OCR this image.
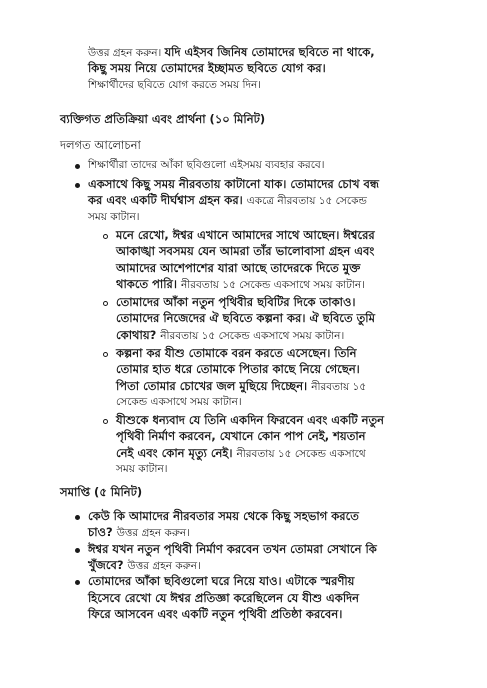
উত্তর গ্রহন করুন। যদি এইসব জিনিষ তোমাদের ছবিতে না থাকে,
কিছু সময় নিয়ে তোমাদের ইচ্ছামত ছবিতে যোগ কর।
শিক্ষার্থীদের ছবিতে যোগ করতে সময় দিন।
ব্যক্তিগত প্রতিক্রিয়া এবং প্রার্থনা (১০ মিনিট)
দলগত আলোচনা
শিক্ষার্থীরা তাদের আঁকা ছবিগুলো এইসময় ব্যবহার করবে।
একসাথে কিছু সময় নীরবতায় কাটানো যাক। তোমাদের চোখ বন্ধ
কর এবং একটি দীর্ঘশ্বাস গ্রহন কর। একত্রে নীরবতায় ১৫ সেকেন্ড
সময় কাটান।
মনে রেখো, ঈশ্বর এখানে আমাদের সাথে আছেন। ঈশ্বরের
আকাঙ্খা সবসময় যেন আমরা তাঁর ভালোবাসা গ্রহন এবং
আমাদের আশেপাশের যারা আছে তাদেরকে দিতে মুক্ত
থাকতে পারি। নীরবতায় ১৫ সেকেন্ড একসাথে সময় কাটান।
তোমাদের আঁকা নতুন পৃথিবীর ছবিটির দিকে তাকাও।
তোমাদের নিজেদের ঐ ছবিতে কল্পনা কর। ঐ ছবিতে তুমি
কোথায়? নীরবতায় ১৫ সেকেন্ড একসাথে সময় কাটান।
কল্পনা কর যীশু তোমাকে বরন করতে এসেছেন। তিনি
তোমার হাত ধরে তোমাকে পিতার কাছে নিয়ে গেছেন।
পিতা তোমার চোখের জল মুছিয়ে দিচ্ছেন। নীরবতায় ১৫
সেকেন্ড একসাথে সময় কাটান।
যীশুকে ধন্যবাদ যে তিনি একদিন ফিরবেন এবং একটি নতুন
পৃথিবী নির্মাণ করবেন, যেখানে কোন পাপ নেই, শয়তান
নেই এবং কোন মৃত্যু নেই। নীরবতায় ১৫ সেকেন্ড একসাথে
সময় কাটান।
সমাপ্তি (৫ মিনিট)
কেউ কি আমাদের নীরবতার সময় থেকে কিছু সহভাগ করতে
চাও? উত্তর গ্রহন করুন।
ঈশ্বর যখন নতুন পৃথিবী নির্মাণ করবেন তখন তোমরা সেখানে কি
খুঁজবে? উত্তর গ্রহন করুন।
তোমাদের আঁকা ছবিগুলো ঘরে নিয়ে যাও। এটাকে স্মরণীয়
হিসেবে রেখো যে ঈশ্বর প্রতিজ্ঞা করেছিলেন যে যীশু একদিন
ফিরে আসবেন এবং একটি নতুন পৃথিবী প্রতিষ্ঠা করবেন।
